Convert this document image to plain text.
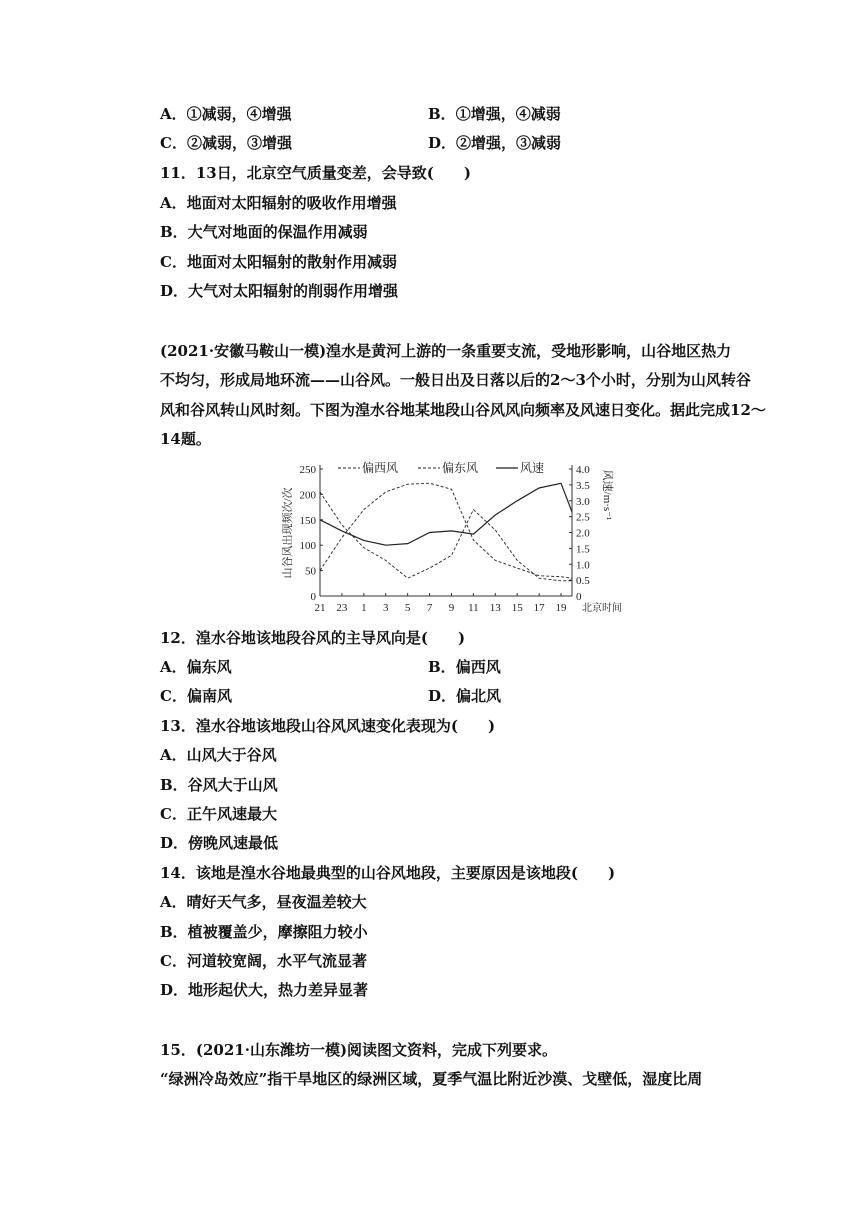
A．①减弱，④增强	B．①增强，④减弱
C．②减弱，③增强	D．②增强，③减弱
11．13日，北京空气质量变差，会导致(　　)
A．地面对太阳辐射的吸收作用增强
B．大气对地面的保温作用减弱
C．地面对太阳辐射的散射作用减弱
D．大气对太阳辐射的削弱作用增强
(2021·安徽马鞍山一模)湟水是黄河上游的一条重要支流，受地形影响，山谷地区热力
不均匀，形成局地环流——山谷风。一般日出及日落以后的2～3个小时，分别为山风转谷
风和谷风转山风时刻。下图为湟水谷地某地段山谷风风向频率及风速日变化。据此完成12～
14题。
0
50
100
150
200
250
0
0.5
1.0
1.5
2.0
2.5
3.0
3.5
4.0
21 23 1 3 5 7 9 11 13 15 17 19 北京时间
山谷风出现频次/次	风速/m·s⁻¹
偏西风	偏东风	风速
12．湟水谷地该地段谷风的主导风向是(　　)
A．偏东风	B．偏西风
C．偏南风	D．偏北风
13．湟水谷地该地段山谷风风速变化表现为(　　)
A．山风大于谷风
B．谷风大于山风
C．正午风速最大
D．傍晚风速最低
14．该地是湟水谷地最典型的山谷风地段，主要原因是该地段(　　)
A．晴好天气多，昼夜温差较大
B．植被覆盖少，摩擦阻力较小
C．河道较宽阔，水平气流显著
D．地形起伏大，热力差异显著
15．(2021·山东潍坊一模)阅读图文资料，完成下列要求。
“绿洲冷岛效应”指干旱地区的绿洲区域，夏季气温比附近沙漠、戈壁低，湿度比周
